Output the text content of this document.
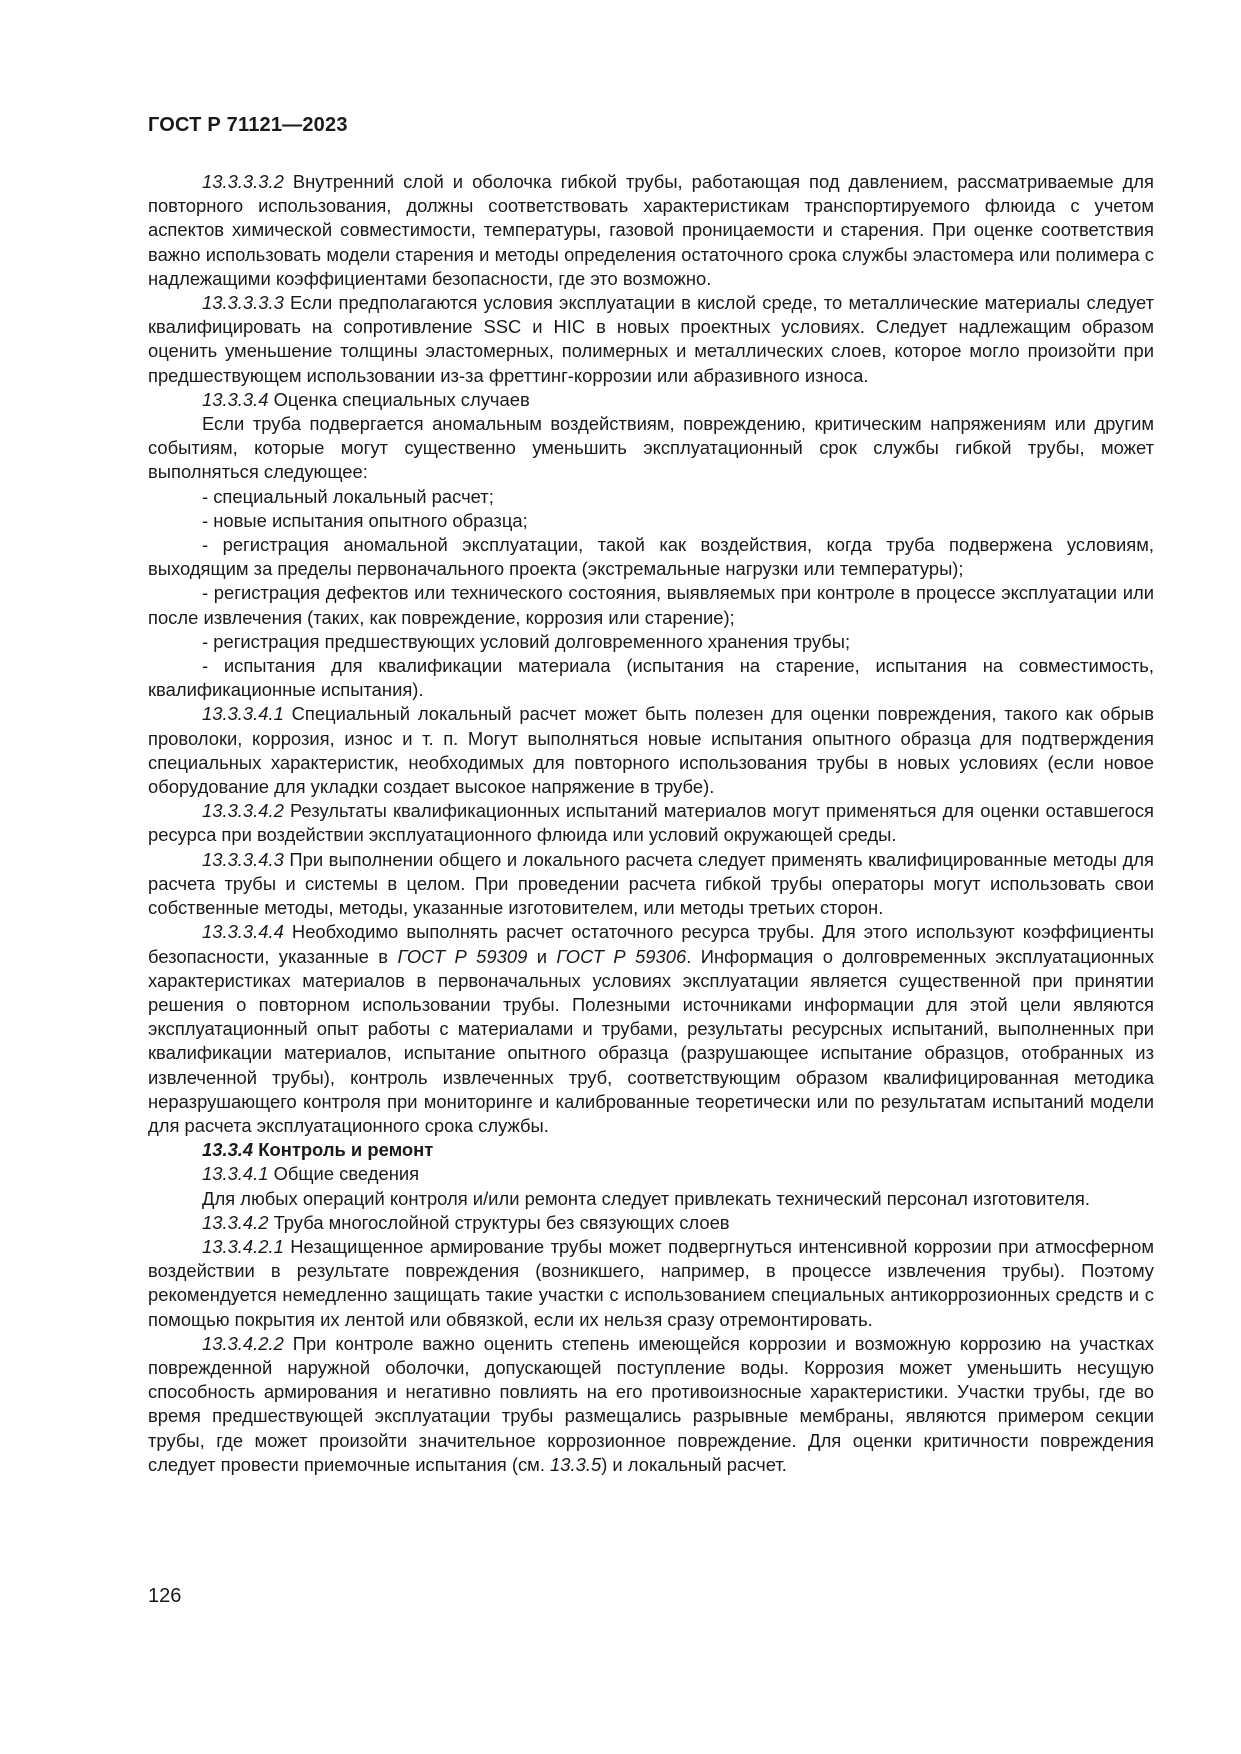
ГОСТ Р 71121—2023

13.3.3.3.2 Внутренний слой и оболочка гибкой трубы, работающая под давлением, рассматриваемые для повторного использования, должны соответствовать характеристикам транспортируемого флюида с учетом аспектов химической совместимости, температуры, газовой проницаемости и старения. При оценке соответствия важно использовать модели старения и методы определения остаточного срока службы эластомера или полимера с надлежащими коэффициентами безопасности, где это возможно.

13.3.3.3.3 Если предполагаются условия эксплуатации в кислой среде, то металлические материалы следует квалифицировать на сопротивление SSC и HIC в новых проектных условиях. Следует надлежащим образом оценить уменьшение толщины эластомерных, полимерных и металлических слоев, которое могло произойти при предшествующем использовании из-за фреттинг-коррозии или абразивного износа.

13.3.3.4 Оценка специальных случаев

Если труба подвергается аномальным воздействиям, повреждению, критическим напряжениям или другим событиям, которые могут существенно уменьшить эксплуатационный срок службы гибкой трубы, может выполняться следующее:

- специальный локальный расчет;

- новые испытания опытного образца;

- регистрация аномальной эксплуатации, такой как воздействия, когда труба подвержена условиям, выходящим за пределы первоначального проекта (экстремальные нагрузки или температуры);

- регистрация дефектов или технического состояния, выявляемых при контроле в процессе эксплуатации или после извлечения (таких, как повреждение, коррозия или старение);

- регистрация предшествующих условий долговременного хранения трубы;

- испытания для квалификации материала (испытания на старение, испытания на совместимость, квалификационные испытания).

13.3.3.4.1 Специальный локальный расчет может быть полезен для оценки повреждения, такого как обрыв проволоки, коррозия, износ и т. п. Могут выполняться новые испытания опытного образца для подтверждения специальных характеристик, необходимых для повторного использования трубы в новых условиях (если новое оборудование для укладки создает высокое напряжение в трубе).

13.3.3.4.2 Результаты квалификационных испытаний материалов могут применяться для оценки оставшегося ресурса при воздействии эксплуатационного флюида или условий окружающей среды.

13.3.3.4.3 При выполнении общего и локального расчета следует применять квалифицированные методы для расчета трубы и системы в целом. При проведении расчета гибкой трубы операторы могут использовать свои собственные методы, методы, указанные изготовителем, или методы третьих сторон.

13.3.3.4.4 Необходимо выполнять расчет остаточного ресурса трубы. Для этого используют коэффициенты безопасности, указанные в ГОСТ Р 59309 и ГОСТ Р 59306. Информация о долговременных эксплуатационных характеристиках материалов в первоначальных условиях эксплуатации является существенной при принятии решения о повторном использовании трубы. Полезными источниками информации для этой цели являются эксплуатационный опыт работы с материалами и трубами, результаты ресурсных испытаний, выполненных при квалификации материалов, испытание опытного образца (разрушающее испытание образцов, отобранных из извлеченной трубы), контроль извлеченных труб, соответствующим образом квалифицированная методика неразрушающего контроля при мониторинге и калиброванные теоретически или по результатам испытаний модели для расчета эксплуатационного срока службы.

13.3.4 Контроль и ремонт

13.3.4.1 Общие сведения

Для любых операций контроля и/или ремонта следует привлекать технический персонал изготовителя.

13.3.4.2 Труба многослойной структуры без связующих слоев

13.3.4.2.1 Незащищенное армирование трубы может подвергнуться интенсивной коррозии при атмосферном воздействии в результате повреждения (возникшего, например, в процессе извлечения трубы). Поэтому рекомендуется немедленно защищать такие участки с использованием специальных антикоррозионных средств и с помощью покрытия их лентой или обвязкой, если их нельзя сразу отремонтировать.

13.3.4.2.2 При контроле важно оценить степень имеющейся коррозии и возможную коррозию на участках поврежденной наружной оболочки, допускающей поступление воды. Коррозия может уменьшить несущую способность армирования и негативно повлиять на его противоизносные характеристики. Участки трубы, где во время предшествующей эксплуатации трубы размещались разрывные мембраны, являются примером секции трубы, где может произойти значительное коррозионное повреждение. Для оценки критичности повреждения следует провести приемочные испытания (см. 13.3.5) и локальный расчет.

126
